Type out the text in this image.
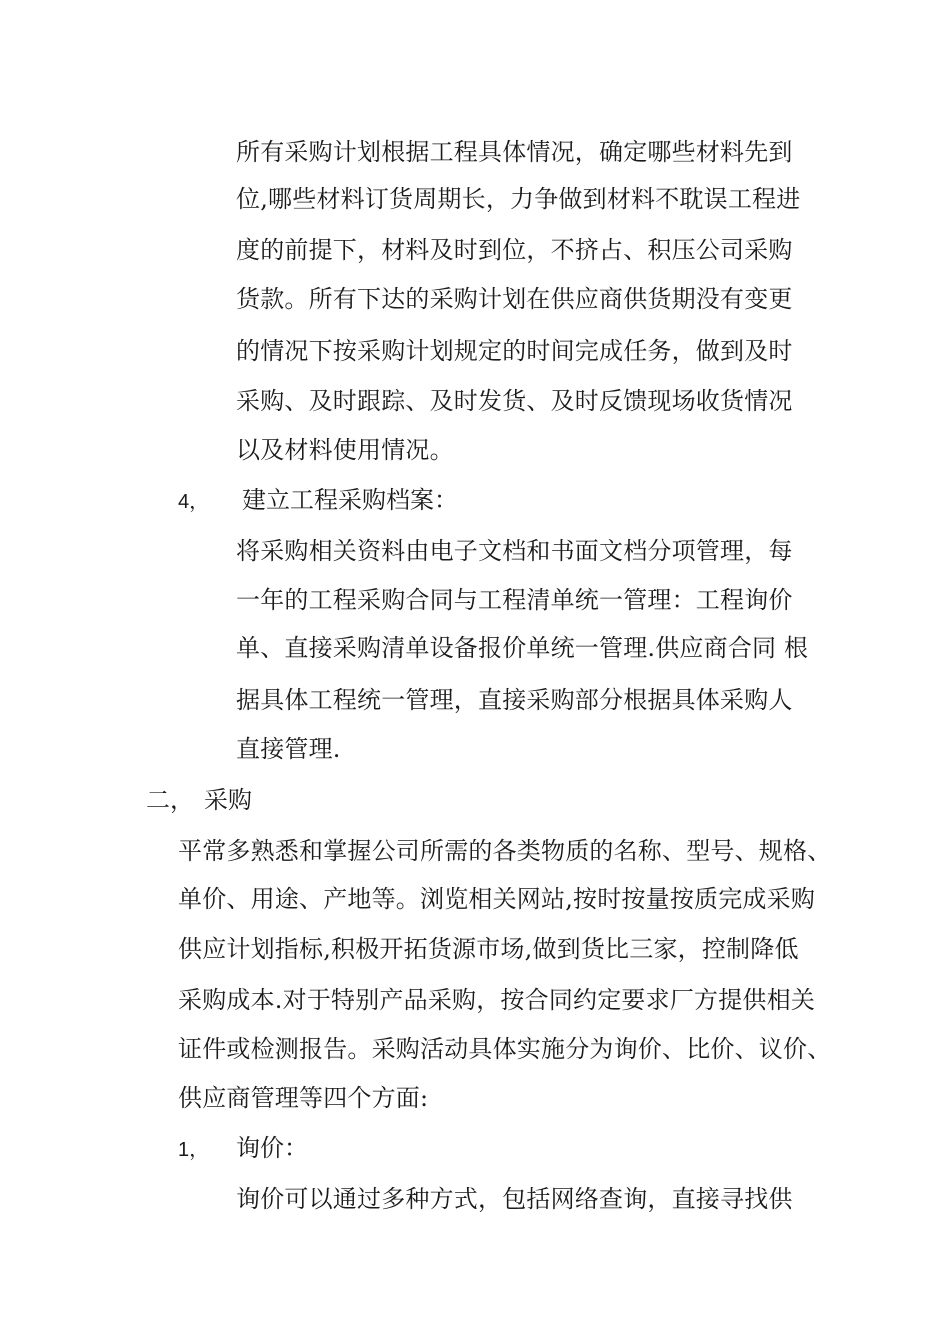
所有采购计划根据工程具体情况，确定哪些材料先到
位,哪些材料订货周期长，力争做到材料不耽误工程进
度的前提下，材料及时到位，不挤占、积压公司采购
货款。所有下达的采购计划在供应商供货期没有变更
的情况下按采购计划规定的时间完成任务，做到及时
采购、及时跟踪、及时发货、及时反馈现场收货情况
以及材料使用情况。
4， 建立工程采购档案：
将采购相关资料由电子文档和书面文档分项管理，每
一年的工程采购合同与工程清单统一管理：工程询价
单、直接采购清单设备报价单统一管理.供应商合同 根
据具体工程统一管理，直接采购部分根据具体采购人
直接管理.
二， 采购
平常多熟悉和掌握公司所需的各类物质的名称、型号、规格、
单价、用途、产地等。浏览相关网站,按时按量按质完成采购
供应计划指标,积极开拓货源市场,做到货比三家，控制降低
采购成本.对于特别产品采购，按合同约定要求厂方提供相关
证件或检测报告。采购活动具体实施分为询价、比价、议价、
供应商管理等四个方面:
1， 询价：
询价可以通过多种方式，包括网络查询，直接寻找供
